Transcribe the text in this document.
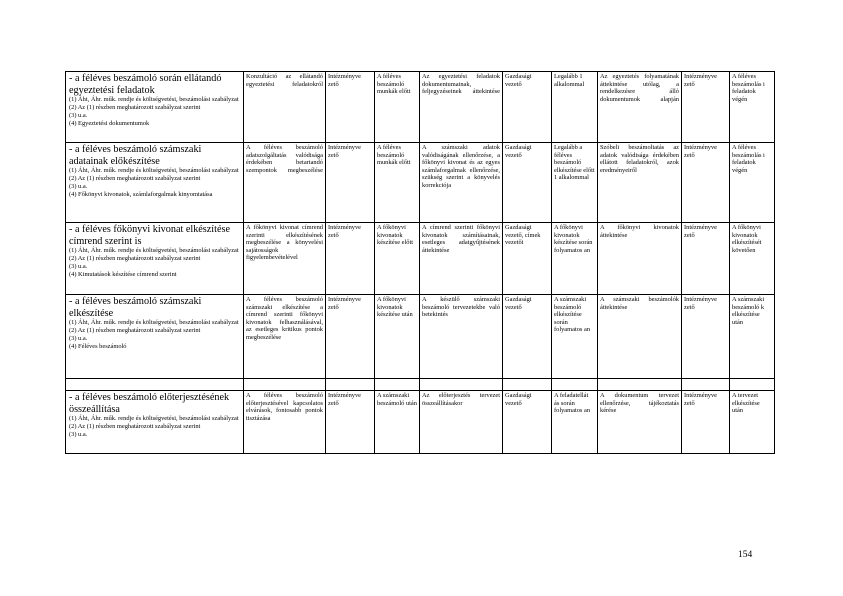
- a féléves beszámoló során ellátandó egyeztetési feladatok
(1) Áht, Áhr. műk. rendje és költségvetési, beszámolási szabályzat
(2) Az (1) részben meghatározott szabályzat szerint
(3) u.a.
(4) Egyeztetési dokumentumok	Konzultáció az ellátandó egyeztetési feladatokról	Intézményve zető	A féléves beszámoló munkák előtt	Az egyeztetési feladatok dokumentumainak, feljegyzéseinek áttekintése	Gazdasági vezető	Legalább 1 alkalommal	Az egyeztetés folyamatának áttekintése utólag, a rendelkezésre álló dokumentumok alapján	Intézményve zető	A féléves beszámolás i feladatok végén

- a féléves beszámoló számszaki adatainak előkészítése
(1) Áht, Áhr. műk. rendje és költségvetési, beszámolási szabályzat
(2) Az (1) részben meghatározott szabályzat szerint
(3) u.a.
(4) Főkönyvi kivonatok, számlaforgalmak kinyomtatása	A féléves beszámoló adatszolgáltatás valódisága érdekében betartandó szempontok megbeszélése	Intézményve zető	A féléves beszámoló munkák előtt	A számszaki adatok valódiságának ellenőrzése, a főkönyvi kivonat és az egyes számlaforgalmak ellenőrzése, szükség szerint a könyvelés korrekciója	Gazdasági vezető	Legalább a féléves beszámoló elkészítése előtt 1 alkalommal	Szóbeli beszámoltatás az adatok valódisága érdekében ellátott feladatokról, azok eredményeiről	Intézményve zető	A féléves beszámolás i feladatok végén

- a féléves főkönyvi kivonat elkészítése címrend szerint is
(1) Áht, Áhr. műk. rendje és költségvetési, beszámolási szabályzat
(2) Az (1) részben meghatározott szabályzat szerint
(3) u.a.
(4) Kimutatások készítése címrend szerint	A főkönyvi kivonat címrend szerinti elkészítésének megbeszélése a könyvelési sajátosságok figyelembevételével	Intézményve zető	A főkönyvi kivonatok készítése előtt	A címrend szerinti főkönyvi kivonatok számításainak, esetleges adatgyűjtésének áttekintése	Gazdasági vezető, címek vezetői	A főkönyvi kivonatok készítése során folyamatos an	A főkönyvi kivonatok áttekintése	Intézményve zető	A főkönyvi kivonatok elkészítését követően

- a féléves beszámoló számszaki elkészítése
(1) Áht, Áhr. műk. rendje és költségvetési, beszámolási szabályzat
(2) Az (1) részben meghatározott szabályzat szerint
(3) u.a.
(4) Féléves beszámoló	A féléves beszámoló számszaki elkészítése a címrend szerinti főkönyvi kivonatok felhasználásával, az esetleges kritikus pontok megbeszélése	Intézményve zető	A főkönyvi kivonatok készítése után	A készülő számszaki beszámoló tervezetekbe való betekintés	Gazdasági vezető	A számszaki beszámoló elkészítése során folyamatos an	A számszaki beszámolók áttekintése	Intézményve zető	A számszaki beszámoló k elkészítése után

- a féléves beszámoló előterjesztésének összeállítása
(1) Áht, Áhr. műk. rendje és költségvetési, beszámolási szabályzat
(2) Az (1) részben meghatározott szabályzat szerint
(3) u.a.	A féléves beszámoló előterjesztésével kapcsolatos elvárások, fontosabb pontok tisztázása	Intézményve zető	A számszaki beszámoló után	Az előterjesztés tervezet összeállításakor	Gazdasági vezető	A feladatellát ás során folyamatos an	A dokumentum tervezet ellenőrzése, tájékoztatás kérése	Intézményve zető	A tervezet elkészítése után
154
